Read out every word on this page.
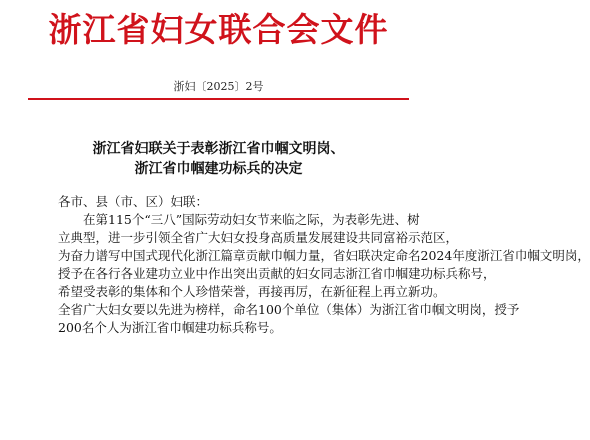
浙江省妇女联合会文件
浙妇〔2025〕2号
浙江省妇联关于表彰浙江省巾帼文明岗、
浙江省巾帼建功标兵的决定
各市、县（市、区）妇联：
在第115个“三八”国际劳动妇女节来临之际，为表彰先进、树
立典型，进一步引领全省广大妇女投身高质量发展建设共同富裕示范区，
为奋力谱写中国式现代化浙江篇章贡献巾帼力量，省妇联决定命名2024年度浙江省巾帼文明岗，
授予在各行各业建功立业中作出突出贡献的妇女同志浙江省巾帼建功标兵称号，
希望受表彰的集体和个人珍惜荣誉，再接再厉，在新征程上再立新功。
全省广大妇女要以先进为榜样，命名100个单位（集体）为浙江省巾帼文明岗，授予
200名个人为浙江省巾帼建功标兵称号。
